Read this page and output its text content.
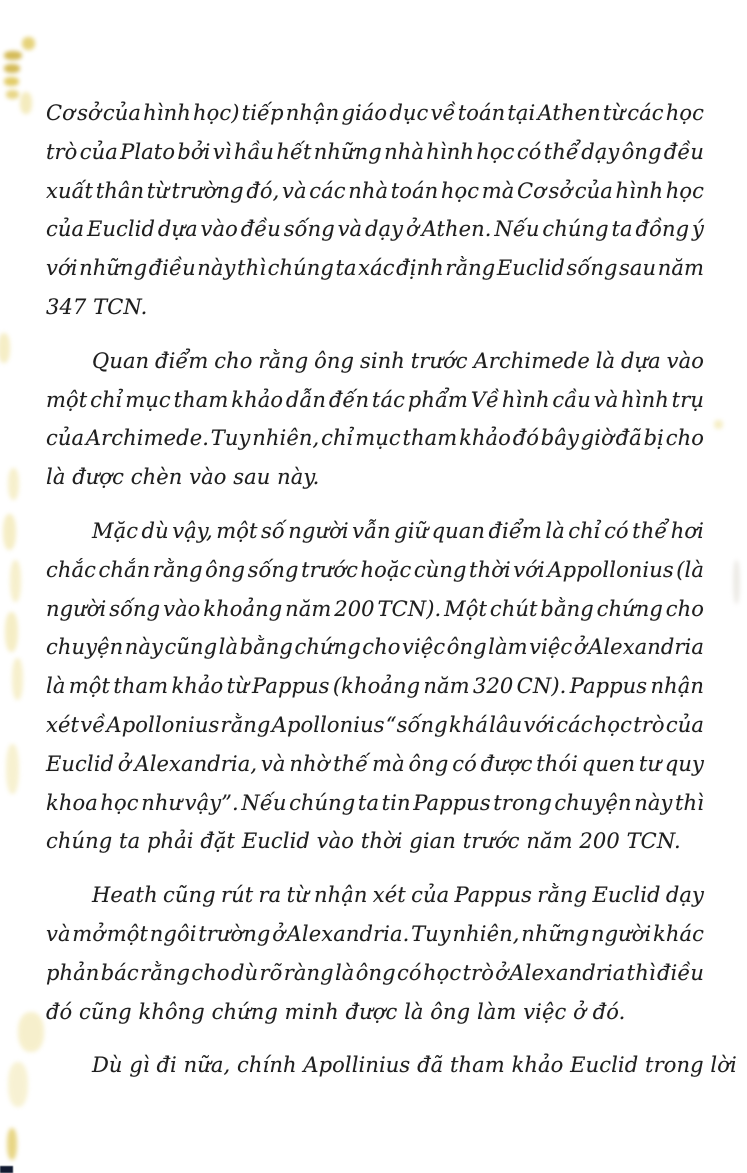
Cơ sở của hình học) tiếp nhận giáo dục về toán tại Athen từ các học
trò của Plato bởi vì hầu hết những nhà hình học có thể dạy ông đều
xuất thân từ trường đó, và các nhà toán học mà Cơ sở của hình học
của Euclid dựa vào đều sống và dạy ở Athen. Nếu chúng ta đồng ý
với những điều này thì chúng ta xác định rằng Euclid sống sau năm
347 TCN.
Quan điểm cho rằng ông sinh trước Archimede là dựa vào
một chỉ mục tham khảo dẫn đến tác phẩm Về hình cầu và hình trụ
của Archimede. Tuy nhiên, chỉ mục tham khảo đó bây giờ đã bị cho
là được chèn vào sau này.
Mặc dù vậy, một số người vẫn giữ quan điểm là chỉ có thể hơi
chắc chắn rằng ông sống trước hoặc cùng thời với Appollonius (là
người sống vào khoảng năm 200 TCN). Một chút bằng chứng cho
chuyện này cũng là bằng chứng cho việc ông làm việc ở Alexandria
là một tham khảo từ Pappus (khoảng năm 320 CN). Pappus nhận
xét về Apollonius rằng Apollonius “sống khá lâu với các học trò của
Euclid ở Alexandria, và nhờ thế mà ông có được thói quen tư quy
khoa học như vậy”. Nếu chúng ta tin Pappus trong chuyện này thì
chúng ta phải đặt Euclid vào thời gian trước năm 200 TCN.
Heath cũng rút ra từ nhận xét của Pappus rằng Euclid dạy
và mở một ngôi trường ở Alexandria. Tuy nhiên, những người khác
phản bác rằng cho dù rõ ràng là ông có học trò ở Alexandria thì điều
đó cũng không chứng minh được là ông làm việc ở đó.
Dù gì đi nữa, chính Apollinius đã tham khảo Euclid trong lời
